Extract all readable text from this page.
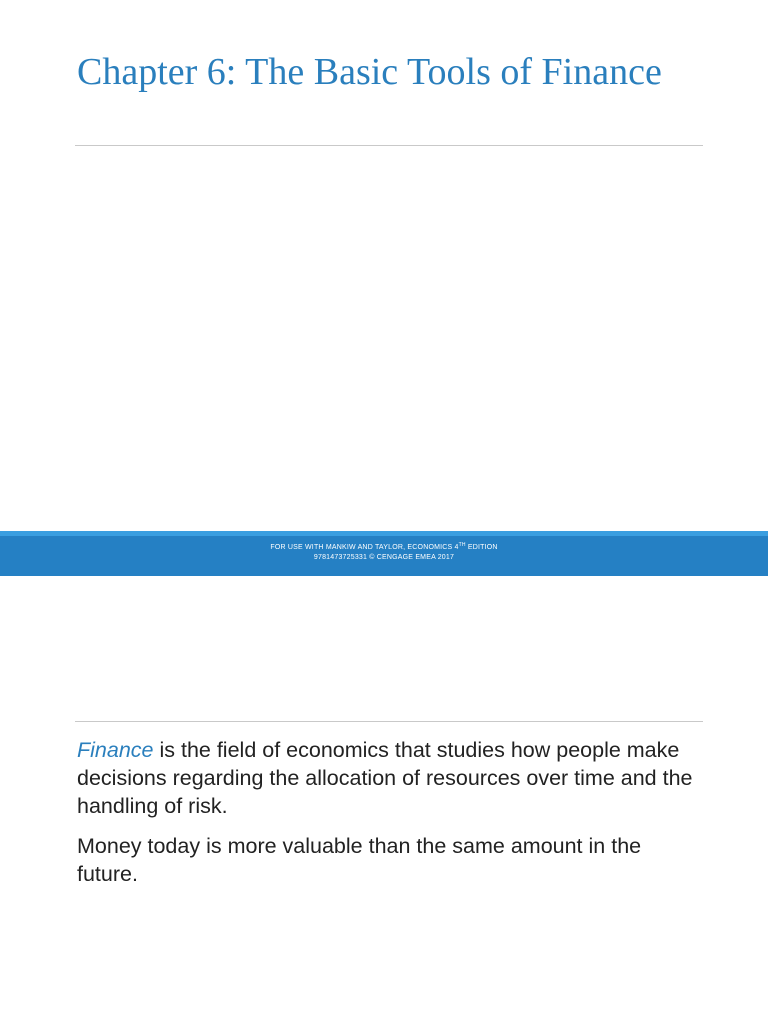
Chapter 6: The Basic Tools of Finance
FOR USE WITH MANKIW AND TAYLOR, ECONOMICS 4TH EDITION
9781473725331 © CENGAGE EMEA 2017

Finance is the field of economics that studies how people make decisions regarding the allocation of resources over time and the handling of risk.

Money today is more valuable than the same amount in the future.
